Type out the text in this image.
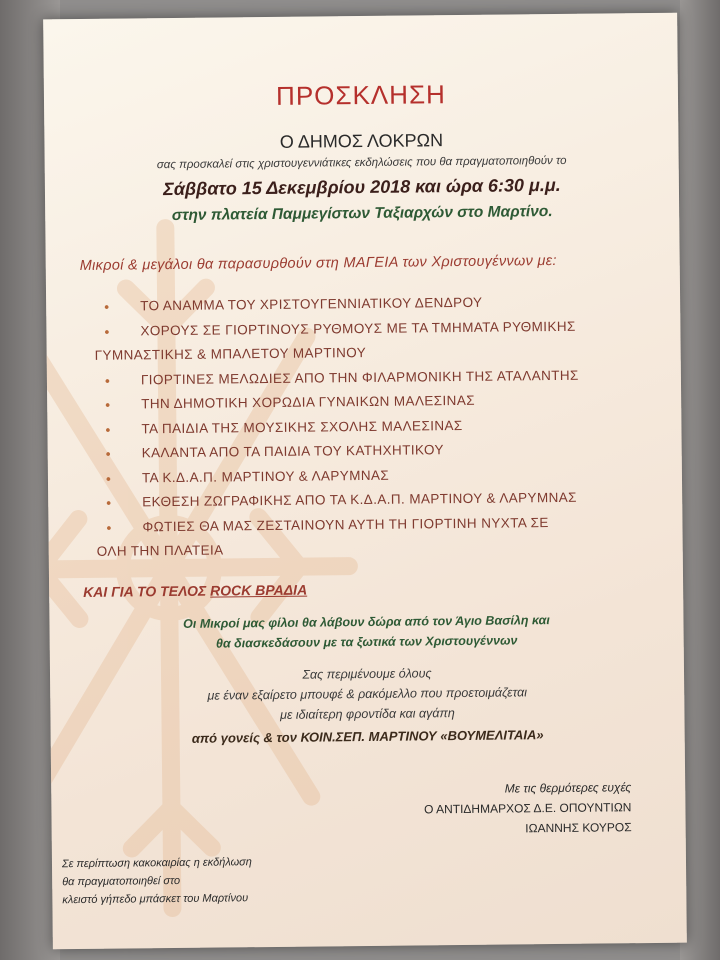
ΠΡΟΣΚΛΗΣΗ
Ο ΔΗΜΟΣ ΛΟΚΡΩΝ
σας προσκαλεί στις χριστουγεννιάτικες εκδηλώσεις που θα πραγματοποιηθούν το
Σάββατο 15 Δεκεμβρίου 2018 και ώρα 6:30 μ.μ.
στην πλατεία Παμμεγίστων Ταξιαρχών στο Μαρτίνο.
Μικροί & μεγάλοι θα παρασυρθούν στη ΜΑΓΕΙΑ των Χριστουγέννων με:
• ΤΟ ΑΝΑΜΜΑ ΤΟΥ ΧΡΙΣΤΟΥΓΕΝΝΙΑΤΙΚΟΥ ΔΕΝΔΡΟΥ
• ΧΟΡΟΥΣ ΣΕ ΓΙΟΡΤΙΝΟΥΣ ΡΥΘΜΟΥΣ ΜΕ ΤΑ ΤΜΗΜΑΤΑ ΡΥΘΜΙΚΗΣ
ΓΥΜΝΑΣΤΙΚΗΣ & ΜΠΑΛΕΤΟΥ ΜΑΡΤΙΝΟΥ
• ΓΙΟΡΤΙΝΕΣ ΜΕΛΩΔΙΕΣ ΑΠΟ ΤΗΝ ΦΙΛΑΡΜΟΝΙΚΗ ΤΗΣ ΑΤΑΛΑΝΤΗΣ
• ΤΗΝ ΔΗΜΟΤΙΚΗ ΧΟΡΩΔΙΑ ΓΥΝΑΙΚΩΝ ΜΑΛΕΣΙΝΑΣ
• ΤΑ ΠΑΙΔΙΑ ΤΗΣ ΜΟΥΣΙΚΗΣ ΣΧΟΛΗΣ ΜΑΛΕΣΙΝΑΣ
• ΚΑΛΑΝΤΑ ΑΠΟ ΤΑ ΠΑΙΔΙΑ ΤΟΥ ΚΑΤΗΧΗΤΙΚΟΥ
• ΤΑ Κ.Δ.Α.Π. ΜΑΡΤΙΝΟΥ & ΛΑΡΥΜΝΑΣ
• ΕΚΘΕΣΗ ΖΩΓΡΑΦΙΚΗΣ ΑΠΟ ΤΑ Κ.Δ.Α.Π. ΜΑΡΤΙΝΟΥ & ΛΑΡΥΜΝΑΣ
• ΦΩΤΙΕΣ ΘΑ ΜΑΣ ΖΕΣΤΑΙΝΟΥΝ ΑΥΤΗ ΤΗ ΓΙΟΡΤΙΝΗ ΝΥΧΤΑ ΣΕ
ΟΛΗ ΤΗΝ ΠΛΑΤΕΙΑ
ΚΑΙ ΓΙΑ ΤΟ ΤΕΛΟΣ ROCK ΒΡΑΔΙΑ
Οι Μικροί μας φίλοι θα λάβουν δώρα από τον Άγιο Βασίλη και
θα διασκεδάσουν με τα ξωτικά των Χριστουγέννων
Σας περιμένουμε όλους
με έναν εξαίρετο μπουφέ & ρακόμελλο που προετοιμάζεται
με ιδιαίτερη φροντίδα και αγάπη
από γονείς & τον ΚΟΙΝ.ΣΕΠ. ΜΑΡΤΙΝΟΥ «ΒΟΥΜΕΛΙΤΑΙΑ»
Με τις θερμότερες ευχές
Ο ΑΝΤΙΔΗΜΑΡΧΟΣ Δ.Ε. ΟΠΟΥΝΤΙΩΝ
ΙΩΑΝΝΗΣ ΚΟΥΡΟΣ
Σε περίπτωση κακοκαιρίας η εκδήλωση
θα πραγματοποιηθεί στο
κλειστό γήπεδο μπάσκετ του Μαρτίνου
